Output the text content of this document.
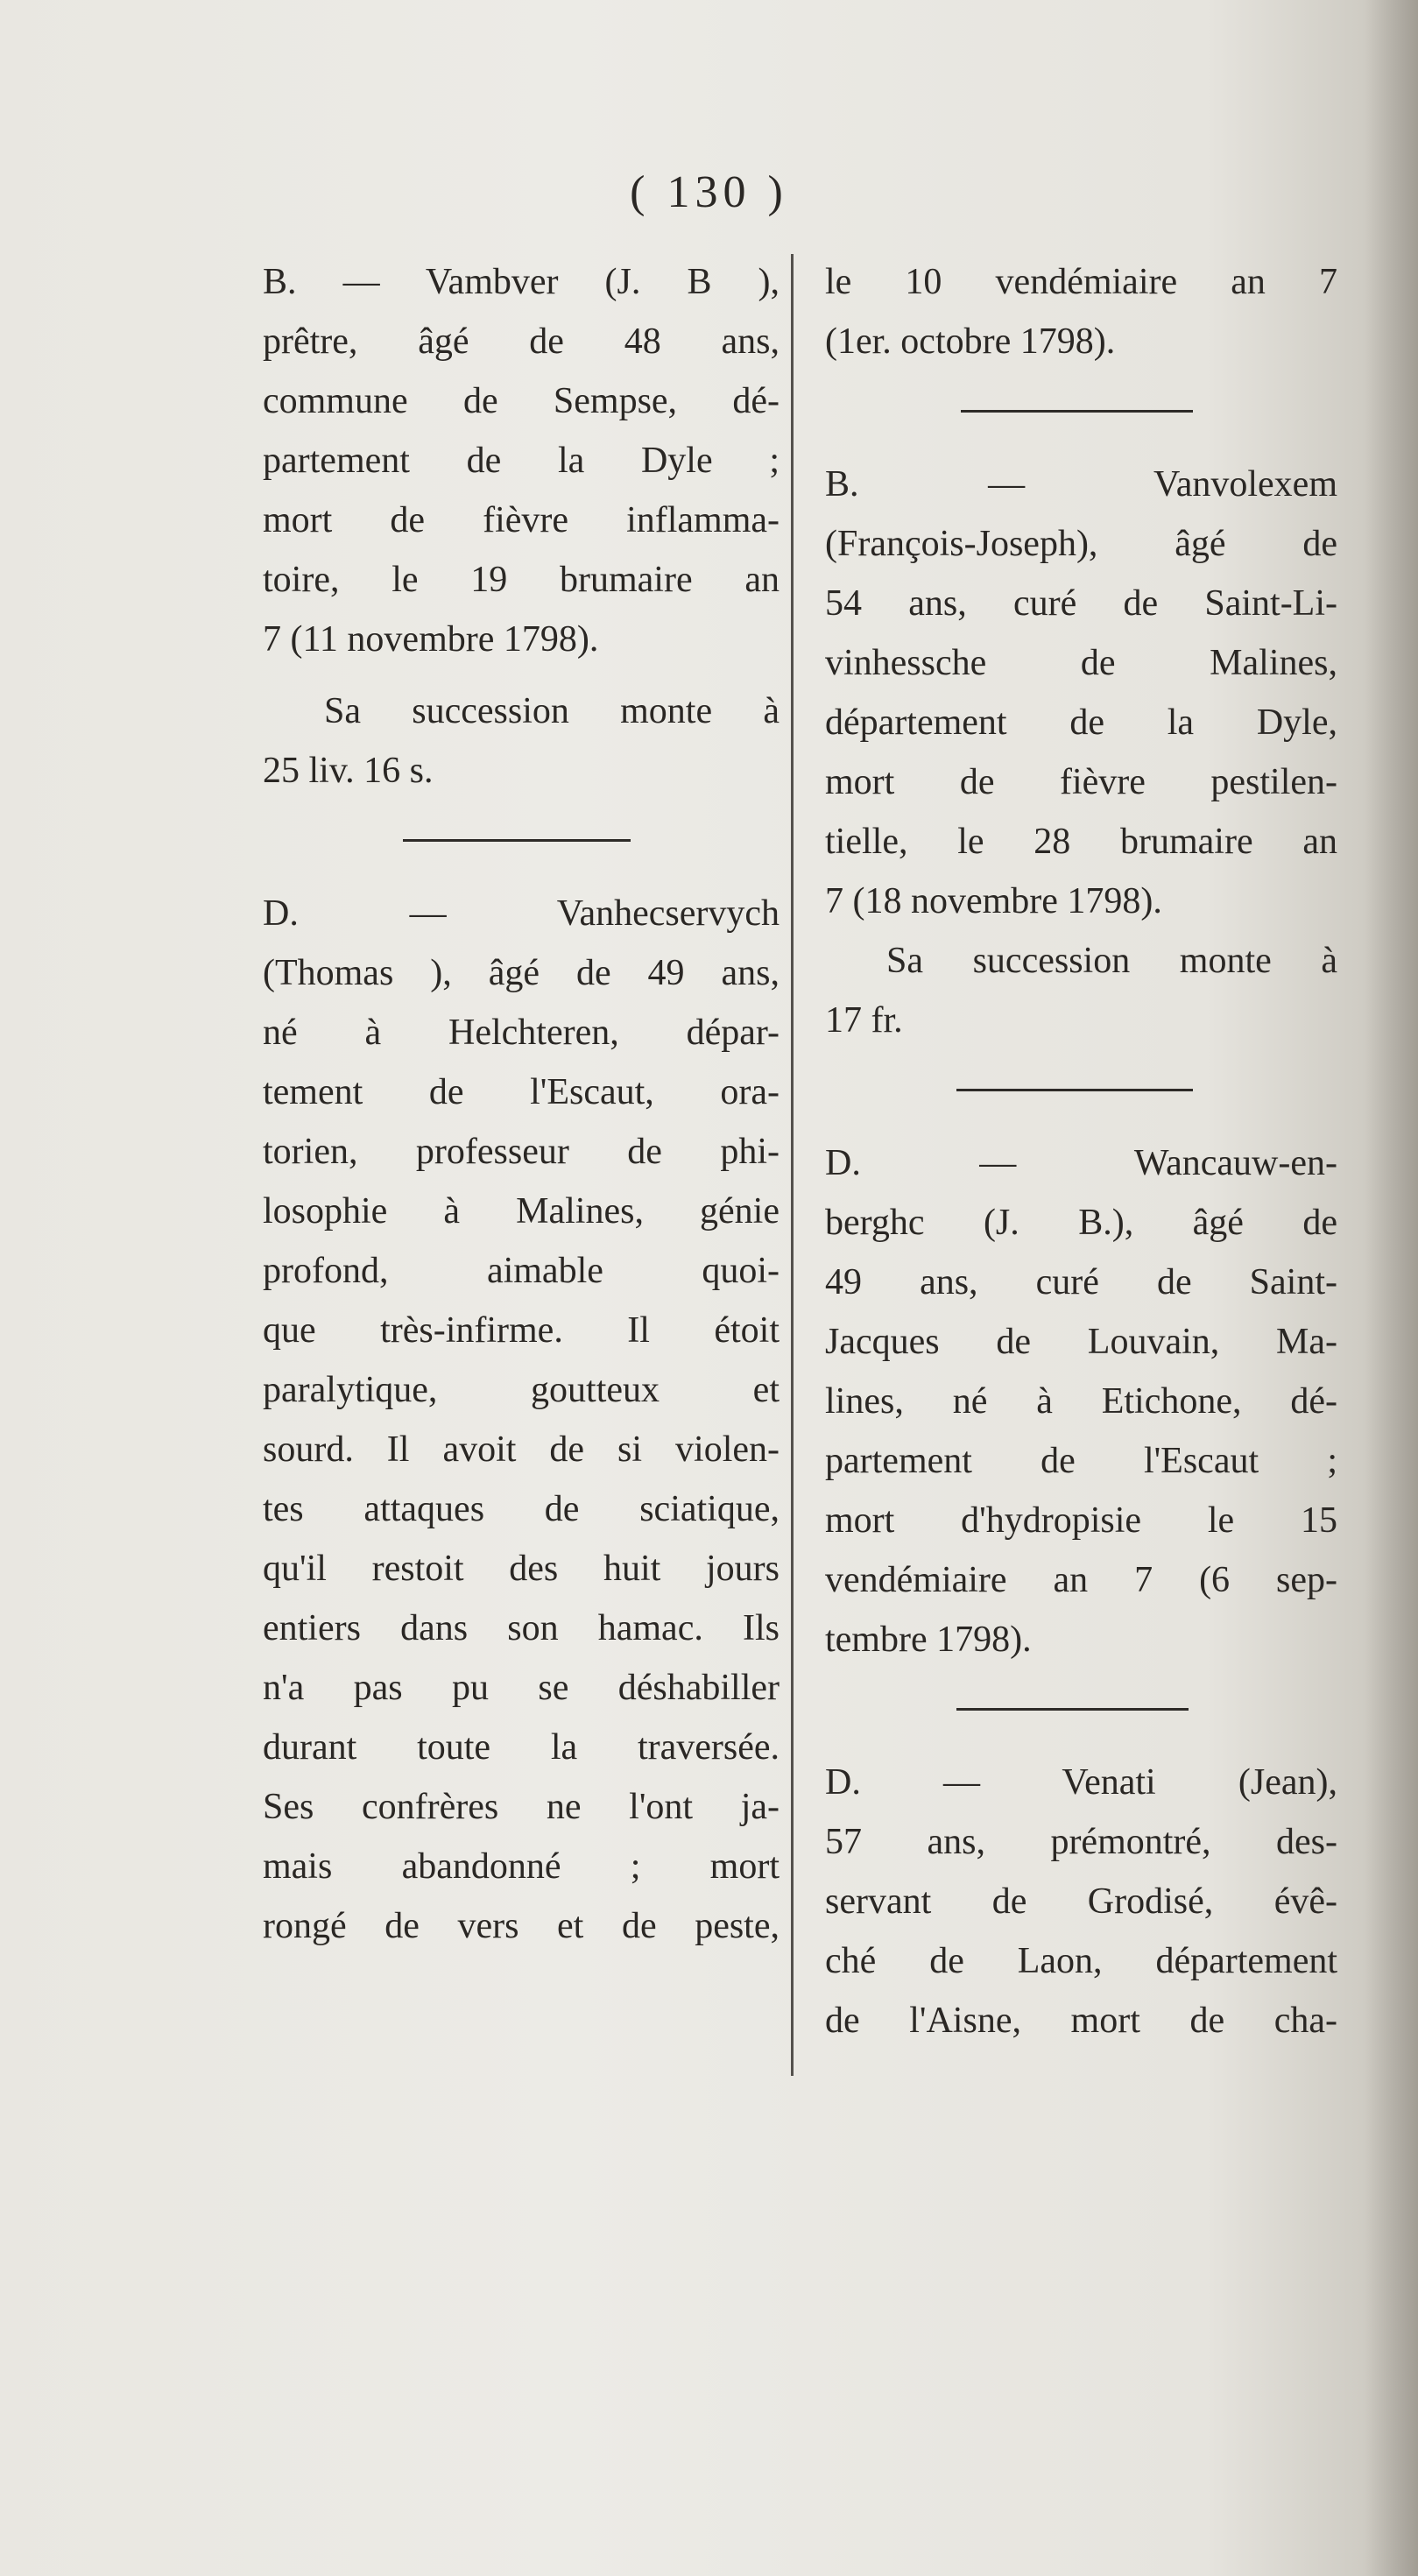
( 130 )
B. — Vambver (J. B ),
prêtre, âgé de 48 ans,
commune de Sempse, dé-
partement de la Dyle ;
mort de fièvre inflamma-
toire, le 19 brumaire an
7 (11 novembre 1798).
Sa succession monte à
25 liv. 16 s.
D. — Vanhecservych
(Thomas ), âgé de 49 ans,
né à Helchteren, dépar-
tement de l'Escaut, ora-
torien, professeur de phi-
losophie à Malines, génie
profond, aimable quoi-
que très-infirme. Il étoit
paralytique, goutteux et
sourd. Il avoit de si violen-
tes attaques de sciatique,
qu'il restoit des huit jours
entiers dans son hamac. Ils
n'a pas pu se déshabiller
durant toute la traversée.
Ses confrères ne l'ont ja-
mais abandonné ; mort
rongé de vers et de peste,
le 10 vendémiaire an 7
(1er. octobre 1798).
B. — Vanvolexem
(François-Joseph), âgé de
54 ans, curé de Saint-Li-
vinhessche de Malines,
département de la Dyle,
mort de fièvre pestilen-
tielle, le 28 brumaire an
7 (18 novembre 1798).
Sa succession monte à
17 fr.
D. — Wancauw-en-
berghc (J. B.), âgé de
49 ans, curé de Saint-
Jacques de Louvain, Ma-
lines, né à Etichone, dé-
partement de l'Escaut ;
mort d'hydropisie le 15
vendémiaire an 7 (6 sep-
tembre 1798).
D. — Venati (Jean),
57 ans, prémontré, des-
servant de Grodisé, évê-
ché de Laon, département
de l'Aisne, mort de cha-
